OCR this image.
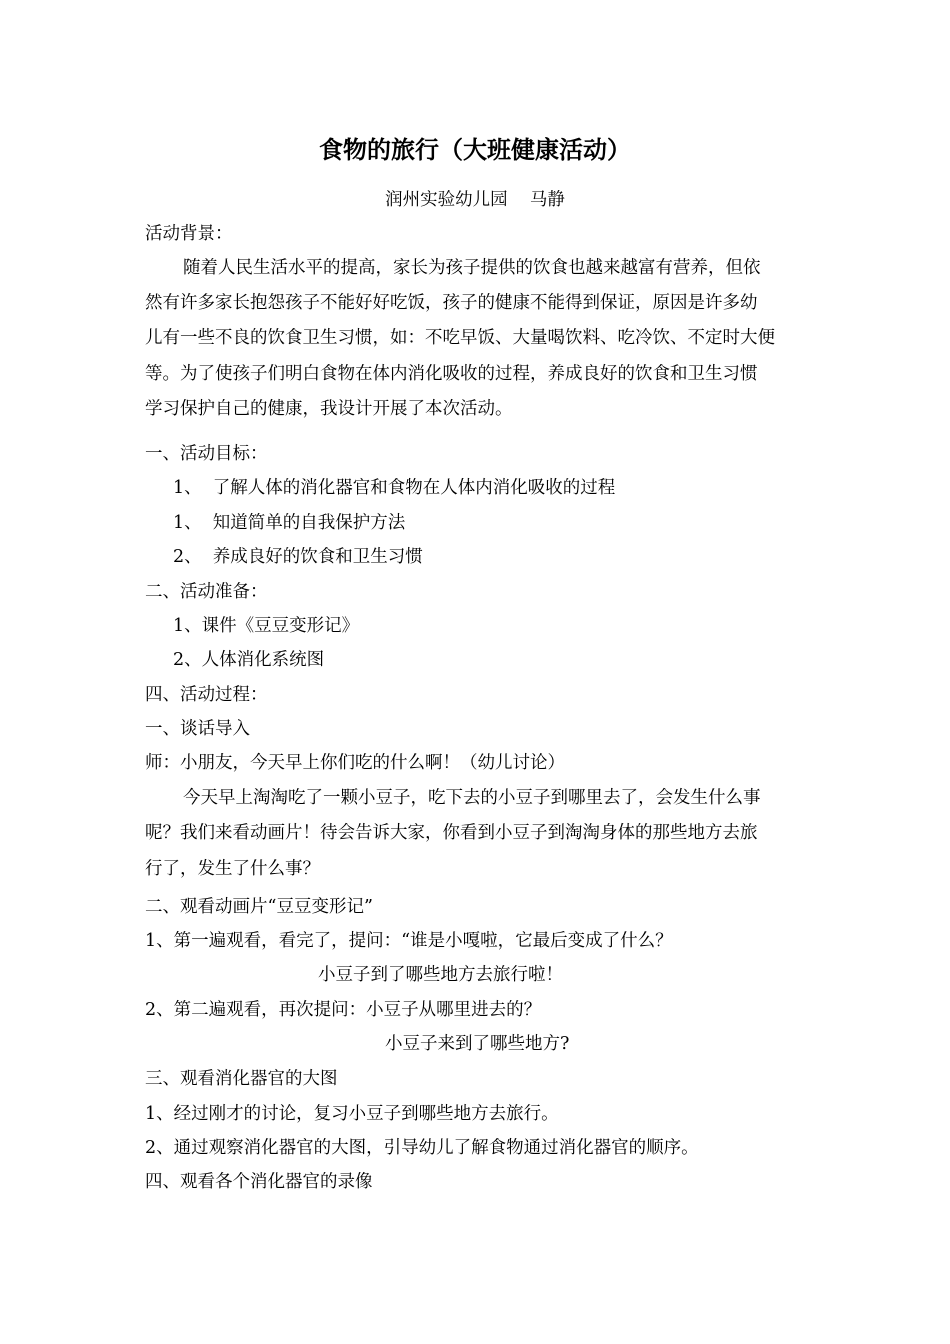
食物的旅行（大班健康活动）
润州实验幼儿园    马静
活动背景：
随着人民生活水平的提高，家长为孩子提供的饮食也越来越富有营养，但依
然有许多家长抱怨孩子不能好好吃饭，孩子的健康不能得到保证，原因是许多幼
儿有一些不良的饮食卫生习惯，如：不吃早饭、大量喝饮料、吃冷饮、不定时大便
等。为了使孩子们明白食物在体内消化吸收的过程，养成良好的饮食和卫生习惯
学习保护自己的健康，我设计开展了本次活动。
一、活动目标：
1、  了解人体的消化器官和食物在人体内消化吸收的过程
1、  知道简单的自我保护方法
2、  养成良好的饮食和卫生习惯
二、活动准备：
1、课件《豆豆变形记》
2、人体消化系统图
四、活动过程：
一、谈话导入
师：小朋友，今天早上你们吃的什么啊！（幼儿讨论）
今天早上淘淘吃了一颗小豆子，吃下去的小豆子到哪里去了，会发生什么事
呢？我们来看动画片！待会告诉大家，你看到小豆子到淘淘身体的那些地方去旅
行了，发生了什么事？
二、观看动画片“豆豆变形记”
1、第一遍观看，看完了，提问：“谁是小嘎啦，它最后变成了什么？
小豆子到了哪些地方去旅行啦！
2、第二遍观看，再次提问：小豆子从哪里进去的？
小豆子来到了哪些地方?
三、观看消化器官的大图
1、经过刚才的讨论，复习小豆子到哪些地方去旅行。
2、通过观察消化器官的大图，引导幼儿了解食物通过消化器官的顺序。
四、观看各个消化器官的录像
